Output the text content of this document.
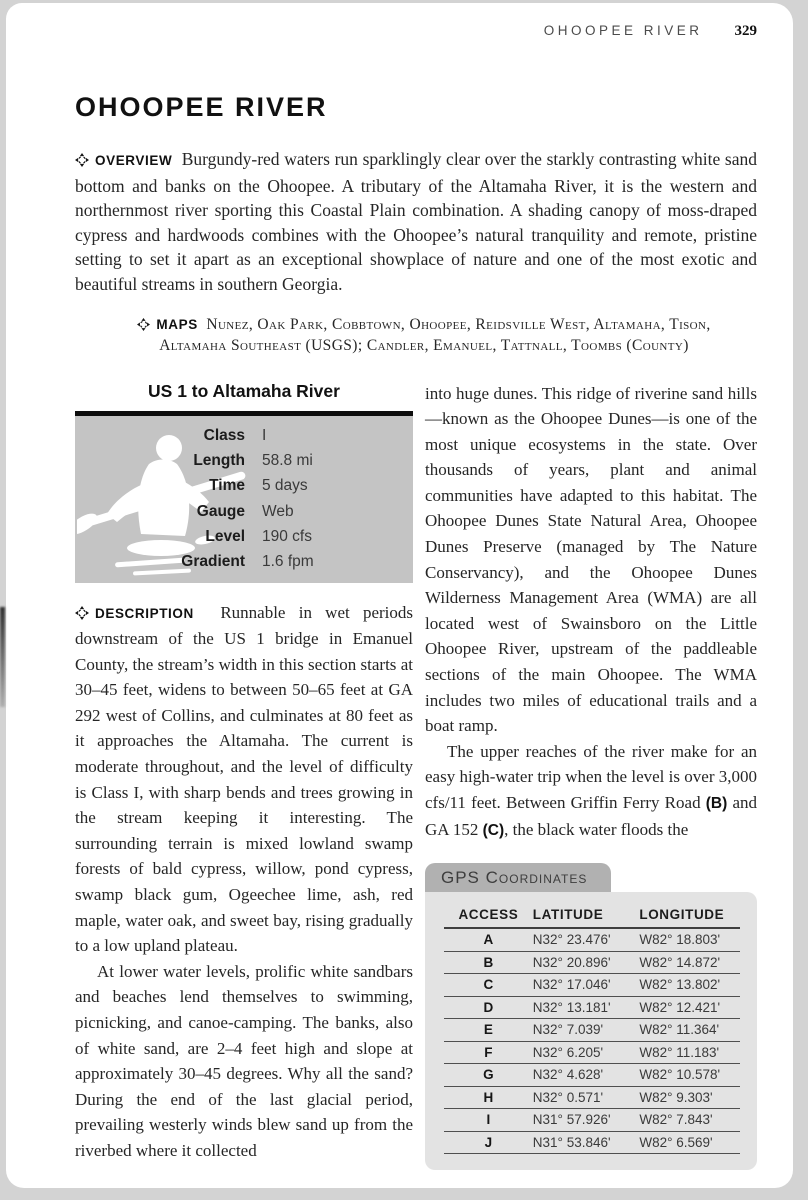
OHOOPEE RIVER 329
OHOOPEE RIVER

OVERVIEW Burgundy-red waters run sparklingly clear over the starkly contrasting white sand bottom and banks on the Ohoopee. A tributary of the Altamaha River, it is the western and northernmost river sporting this Coastal Plain combination. A shading canopy of moss-draped cypress and hardwoods combines with the Ohoopee’s natural tranquility and remote, pristine setting to set it apart as an exceptional showplace of nature and one of the most exotic and beautiful streams in southern Georgia.

MAPS Nunez, Oak Park, Cobbtown, Ohoopee, Reidsville West, Altamaha, Tison, Altamaha Southeast (USGS); Candler, Emanuel, Tattnall, Toombs (County)

US 1 to Altamaha River
Class I
Length 58.8 mi
Time 5 days
Gauge Web
Level 190 cfs
Gradient 1.6 fpm

DESCRIPTION Runnable in wet periods downstream of the US 1 bridge in Emanuel County, the stream’s width in this section starts at 30–45 feet, widens to between 50–65 feet at GA 292 west of Collins, and culminates at 80 feet as it approaches the Altamaha. The current is moderate throughout, and the level of difficulty is Class I, with sharp bends and trees growing in the stream keeping it interesting. The surrounding terrain is mixed lowland swamp forests of bald cypress, willow, pond cypress, swamp black gum, Ogeechee lime, ash, red maple, water oak, and sweet bay, rising gradually to a low upland plateau.

At lower water levels, prolific white sandbars and beaches lend themselves to swimming, picnicking, and canoe-camping. The banks, also of white sand, are 2–4 feet high and slope at approximately 30–45 degrees. Why all the sand? During the end of the last glacial period, prevailing westerly winds blew sand up from the riverbed where it collected

into huge dunes. This ridge of riverine sand hills—known as the Ohoopee Dunes—is one of the most unique ecosystems in the state. Over thousands of years, plant and animal communities have adapted to this habitat. The Ohoopee Dunes State Natural Area, Ohoopee Dunes Preserve (managed by The Nature Conservancy), and the Ohoopee Dunes Wilderness Management Area (WMA) are all located west of Swainsboro on the Little Ohoopee River, upstream of the paddleable sections of the main Ohoopee. The WMA includes two miles of educational trails and a boat ramp.

The upper reaches of the river make for an easy high-water trip when the level is over 3,000 cfs/11 feet. Between Griffin Ferry Road (B) and GA 152 (C), the black water floods the

GPS Coordinates
ACCESS	LATITUDE	LONGITUDE
A	N32° 23.476'	W82° 18.803'
B	N32° 20.896'	W82° 14.872'
C	N32° 17.046'	W82° 13.802'
D	N32° 13.181'	W82° 12.421'
E	N32° 7.039'	W82° 11.364'
F	N32° 6.205'	W82° 11.183'
G	N32° 4.628'	W82° 10.578'
H	N32° 0.571'	W82° 9.303'
I	N31° 57.926'	W82° 7.843'
J	N31° 53.846'	W82° 6.569'
